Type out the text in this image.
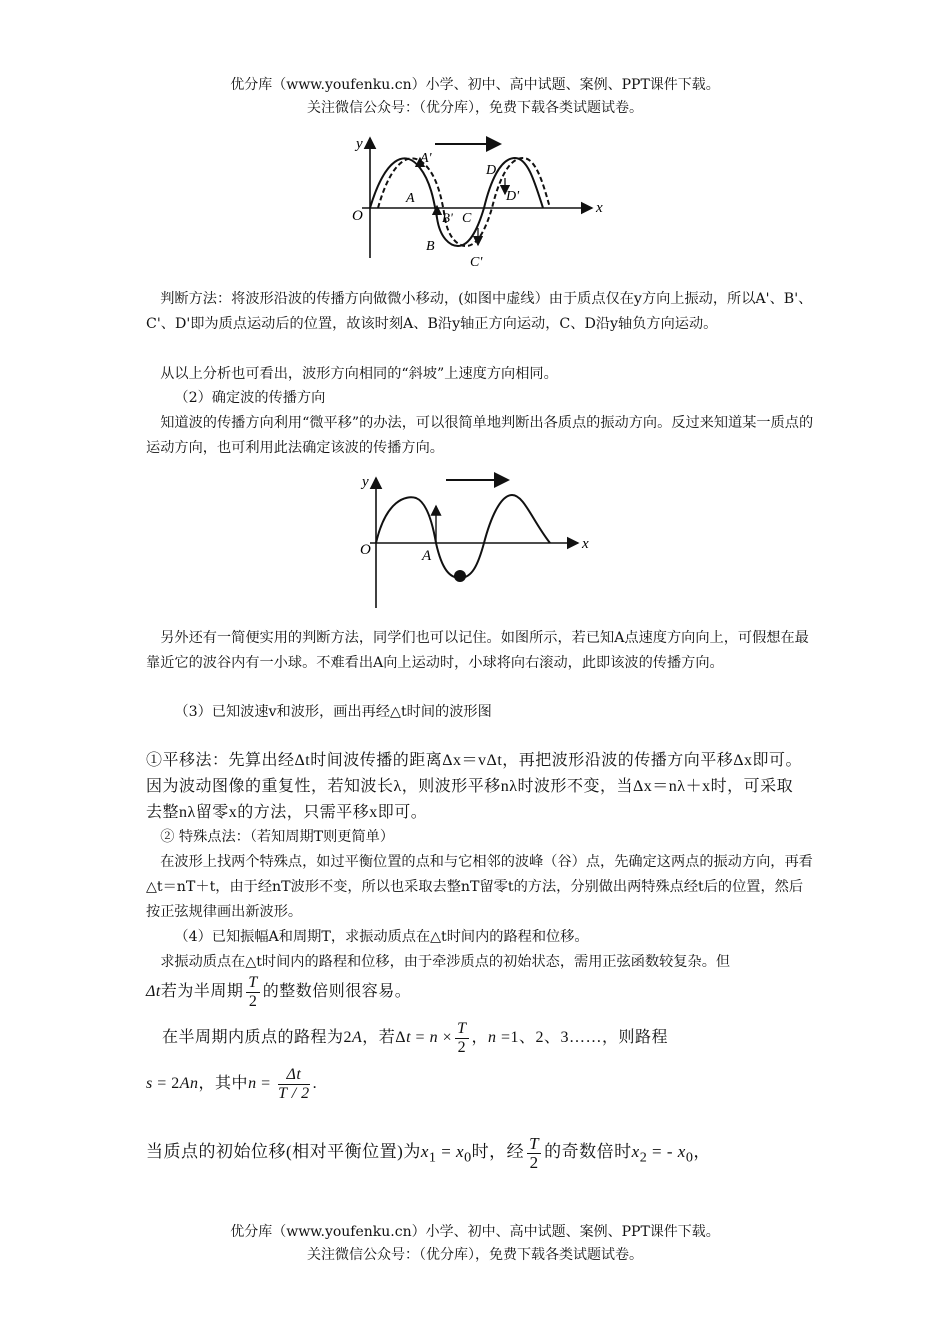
优分库（www.youfenku.cn）小学、初中、高中试题、案例、PPT课件下载。
关注微信公众号：（优分库），免费下载各类试题试卷。
y
x
O
A'
A
B' C
B
C'
D
D'

判断方法：将波形沿波的传播方向做微小移动，(如图中虚线）由于质点仅在y方向上振动，所以A'、B'、C'、D'即为质点运动后的位置，故该时刻A、B沿y轴正方向运动，C、D沿y轴负方向运动。

从以上分析也可看出，波形方向相同的“斜坡”上速度方向相同。

（2）确定波的传播方向

知道波的传播方向利用“微平移”的办法，可以很简单地判断出各质点的振动方向。反过来知道某一质点的运动方向，也可利用此法确定该波的传播方向。

y
x
O	A

另外还有一简便实用的判断方法，同学们也可以记住。如图所示，若已知A点速度方向向上，可假想在最靠近它的波谷内有一小球。不难看出A向上运动时，小球将向右滚动，此即该波的传播方向。

（3）已知波速v和波形，画出再经△t时间的波形图

①平移法：先算出经Δt时间波传播的距离Δx＝vΔt，再把波形沿波的传播方向平移Δx即可。因为波动图像的重复性，若知波长λ，则波形平移nλ时波形不变，当Δx＝nλ＋x时，可采取去整nλ留零x的方法，只需平移x即可。

② 特殊点法：（若知周期T则更简单）

在波形上找两个特殊点，如过平衡位置的点和与它相邻的波峰（谷）点，先确定这两点的振动方向，再看△t＝nT＋t，由于经nT波形不变，所以也采取去整nT留零t的方法，分别做出两特殊点经t后的位置，然后按正弦规律画出新波形。

（4）已知振幅A和周期T，求振动质点在△t时间内的路程和位移。

求振动质点在△t时间内的路程和位移，由于牵涉质点的初始状态，需用正弦函数较复杂。但

Δt若为半周期 $\frac{T}{2}$ 的整数倍则很容易。
在半周期内质点的路程为2A，若$\Delta t = n \times \frac{T}{2}$ ，n =1、2、3……，则路程
s = 2An，其中$n = \frac{\Delta t}{T / 2}$ .
当质点的初始位移(相对平衡位置)为$x_1 = x_0$时，经 $\frac{T}{2}$ 的奇数倍时$x_2$ = - $x_0$，
优分库（www.youfenku.cn）小学、初中、高中试题、案例、PPT课件下载。
关注微信公众号：（优分库），免费下载各类试题试卷。
